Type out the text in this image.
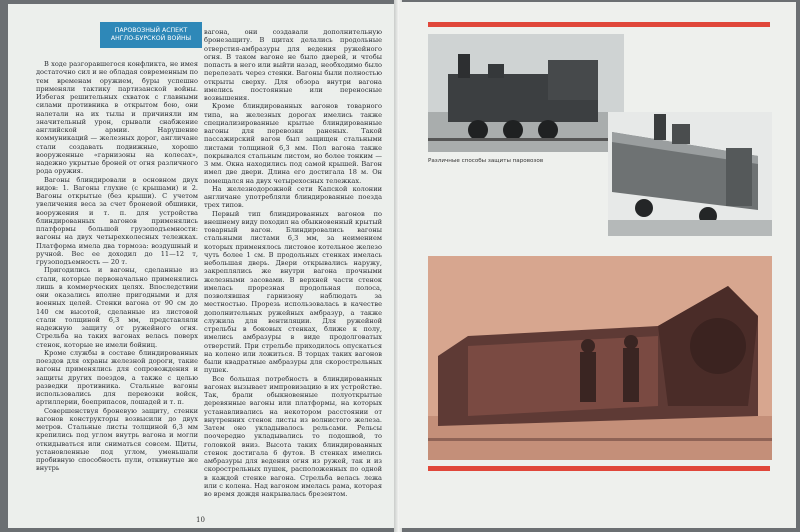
ПАРОВОЗНЫЙ АСПЕКТ
АНГЛО-БУРСКОЙ ВОЙНЫ

В ходе разгоравшегося конфликта, не имея достаточно сил и не обладая современным по тем временам оружием, буры успешно применяли тактику партизанской войны. Избегая решительных схваток с главными силами противника в открытом бою, они налетали на их тылы и причиняли им значительный урон, срывали снабжение английской армии. Нарушение коммуникаций — железных дорог, англичане стали создавать подвижные, хорошо вооруженные «гарнизоны на колесах», надежно укрытые броней от огня различного рода оружия.

Вагоны блиндировали в основном двух видов: 1. Вагоны глухие (с крышами) и 2. Вагоны открытые (без крыши). С учетом увеличения веса за счет броневой обшивки, вооружения и т. п. для устройства блиндированных вагонов применялись платформы большой грузоподъемности: вагоны на двух четырехколесных тележках. Платформа имела два тормоза: воздушный и ручной. Вес ее доходил до 11—12 т, грузоподъемность — 20 т.

Пригодились и вагоны, сделанные из стали, которые первоначально применялись лишь в коммерческих целях. Впоследствии они оказались вполне пригодными и для военных целей. Стенки вагона от 90 см до 140 см высотой, сделанные из листовой стали толщиной 6,3 мм, представляли надежную защиту от ружейного огня. Стрельба на таких вагонах велась поверх стенок, которые не имели бойниц.

Кроме службы в составе блиндированных поездов для охраны железной дороги, такие вагоны применялись для сопровождения и защиты других поездов, а также с целью разведки противника. Стальные вагоны использовались для перевозки войск, артиллерии, боеприпасов, лошадей и т. п.

Совершенствуя броневую защиту, стенки вагонов конструкторы возвысили до двух метров. Стальные листы толщиной 6,3 мм крепились под углом внутрь вагона и могли откидываться или сниматься совсем. Щиты, установленные под углом, уменьшали пробивную способность пули, откинутые же внутрь

вагона, они создавали дополнительную бронезащиту. В щитах делались продольные отверстия-амбразуры для ведения ружейного огня. В таком вагоне не было дверей, и чтобы попасть в него или выйти назад, необходимо было перелезать через стенки. Вагоны были полностью открыты сверху. Для обзора внутри вагона имелись постоянные или переносные возвышения.

Кроме блиндированных вагонов товарного типа, на железных дорогах имелись также специализированные крытые блиндированные вагоны для перевозки раненых. Такой пассажирский вагон был защищен стальными листами толщиной 6,3 мм. Пол вагона также покрывался стальным листом, но более тонким — 3 мм. Окна находились под самой крышей. Вагон имел две двери. Длина его достигала 18 м. Он помещался на двух четырехосных тележках.

На железнодорожной сети Капской колонии англичане употребляли блиндированные поезда трех типов.

Первый тип блиндированных вагонов по внешнему виду походил на обыкновенный крытый товарный вагон. Блиндировались вагоны стальными листами 6,3 мм, за неимением которых применялось листовое котельное железо чуть более 1 см. В продольных стенках имелась небольшая дверь. Двери открывались наружу, закреплялись же внутри вагона прочными железными засовами. В верхней части стенок имелась прорезная продольная полоса, позволявшая гарнизону наблюдать за местностью. Прорезь использовалась в качестве дополнительных ружейных амбразур, а также служила для вентиляции. Для ружейной стрельбы в боковых стенках, ближе к полу, имелись амбразуры в виде продолговатых отверстий. При стрельбе приходилось опускаться на колено или ложиться. В торцах таких вагонов были квадратные амбразуры для скорострельных пушек.

Все большая потребность в блиндированных вагонах вызывает импровизацию в их устройстве. Так, брали обыкновенные полуоткрытые деревянные вагоны или платформы, на которых устанавливались на некотором расстоянии от внутренних стенок листы из волнистого железа. Затем оно укладывалось рельсами. Рельсы поочередно укладывались то подошвой, то головкой вниз. Высота таких блиндированных стенок достигала 6 футов. В стенках имелись амбразуры для ведения огня из ружей, так и из скорострельных пушек, расположенных по одной в каждой стенке вагона. Стрельба велась лежа или с колена. Над вагоном имелась рама, которая во время дождя накрывалась брезентом.

10
Различные способы защиты паровозов
